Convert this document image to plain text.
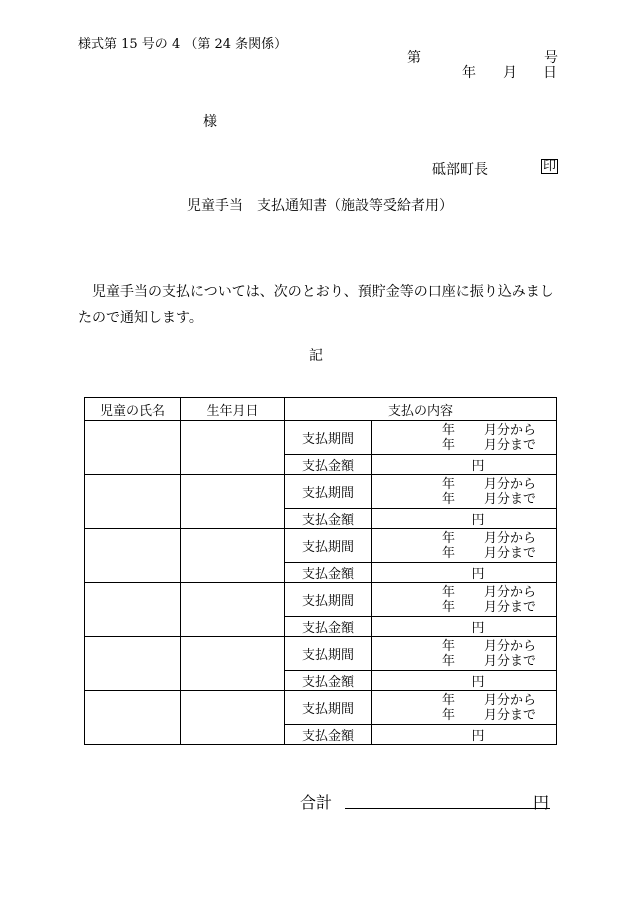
様式第 15 号の 4 （第 24 条関係）
第	号
年 月 日
様
砥部町長	印
児童手当　支払通知書（施設等受給者用）
児童手当の支払については、次のとおり、預貯金等の口座に振り込みましたので通知します。
記
児童の氏名	生年月日	支払の内容	
		支払期間	年 月分から
年 月分まで

		支払金額	円
		支払期間	年 月分から
年 月分まで

		支払金額	円
		支払期間	年 月分から
年 月分まで

		支払金額	円
		支払期間	年 月分から
年 月分まで

		支払金額	円
		支払期間	年 月分から
年 月分まで

		支払金額	円
		支払期間	年 月分から
年 月分まで

		支払金額	円
合計	円
